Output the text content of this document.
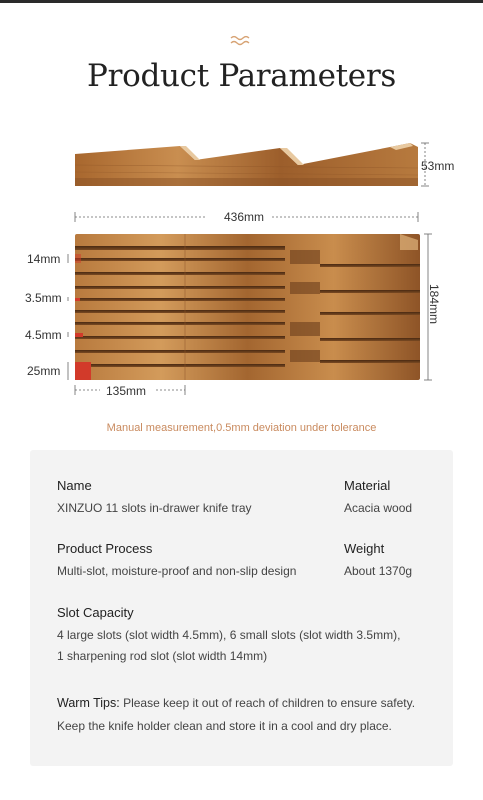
Product Parameters
53mm
436mm
14mm
3.5mm
4.5mm
25mm
184mm
135mm
Manual measurement,0.5mm deviation under tolerance
Name
XINZUO 11 slots in-drawer knife tray
Material
Acacia wood
Product Process
Multi-slot, moisture-proof and non-slip design
Weight
About 1370g
Slot Capacity
4 large slots (slot width 4.5mm), 6 small slots (slot width 3.5mm),
1 sharpening rod slot (slot width 14mm)
Warm Tips: Please keep it out of reach of children to ensure safety.
Keep the knife holder clean and store it in a cool and dry place.
